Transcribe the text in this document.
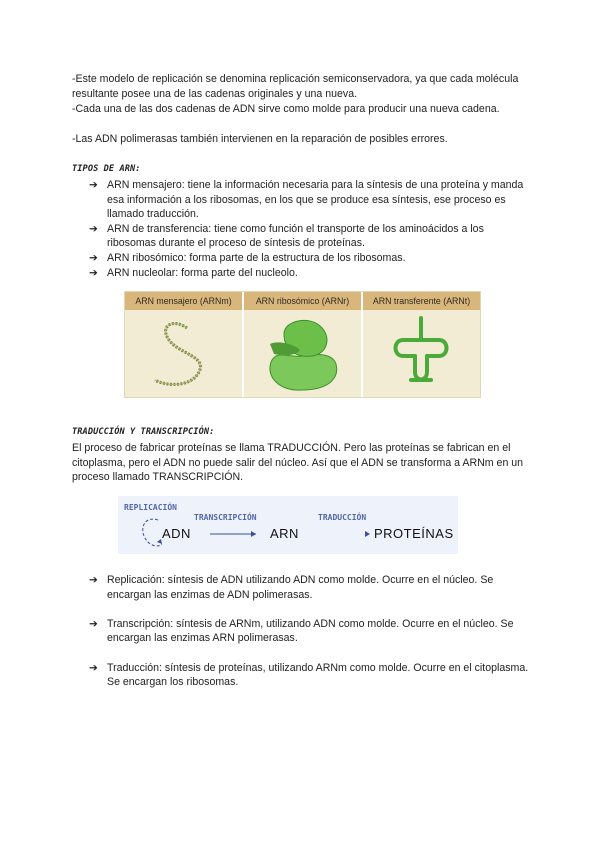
-Este modelo de replicación se denomina replicación semiconservadora, ya que cada molécula resultante posee una de las cadenas originales y una nueva.
-Cada una de las dos cadenas de ADN sirve como molde para producir una nueva cadena.
-Las ADN polimerasas también intervienen en la reparación de posibles errores.
TIPOS DE ARN:
➔ ARN mensajero: tiene la información necesaria para la síntesis de una proteína y manda esa información a los ribosomas, en los que se produce esa síntesis, ese proceso es llamado traducción.
➔ ARN de transferencia: tiene como función el transporte de los aminoácidos a los ribosomas durante el proceso de síntesis de proteínas.
➔ ARN ribosómico: forma parte de la estructura de los ribosomas.
➔ ARN nucleolar: forma parte del nucleolo.
ARN mensajero (ARNm)	ARN ribosómico (ARNr)	ARN transferente (ARNt)
TRADUCCIÓN Y TRANSCRIPCIÓN:
El proceso de fabricar proteínas se llama TRADUCCIÓN. Pero las proteínas se fabrican en el citoplasma, pero el ADN no puede salir del núcleo. Así que el ADN se transforma a ARNm en un proceso llamado TRANSCRIPCIÓN.
REPLICACIÓN
TRANSCRIPCIÓN	TRADUCCIÓN
ADN	ARN	PROTEÍNAS
➔ Replicación: síntesis de ADN utilizando ADN como molde. Ocurre en el núcleo. Se encargan las enzimas de ADN polimerasas.
➔ Transcripción: síntesis de ARNm, utilizando ADN como molde. Ocurre en el núcleo. Se encargan las enzimas ARN polimerasas.
➔ Traducción: síntesis de proteínas, utilizando ARNm como molde. Ocurre en el citoplasma. Se encargan los ribosomas.
